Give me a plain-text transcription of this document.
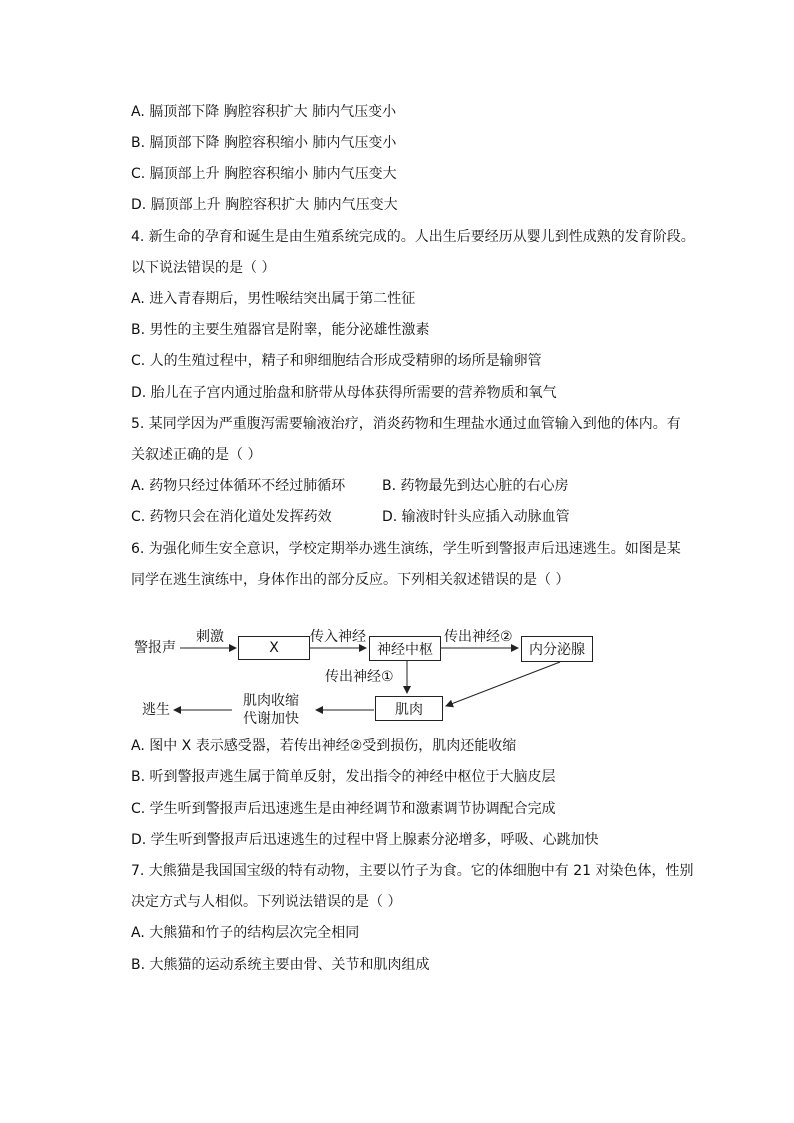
A. 膈顶部下降 胸腔容积扩大 肺内气压变小
B. 膈顶部下降 胸腔容积缩小 肺内气压变小
C. 膈顶部上升 胸腔容积缩小 肺内气压变大
D. 膈顶部上升 胸腔容积扩大 肺内气压变大
4. 新生命的孕育和诞生是由生殖系统完成的。人出生后要经历从婴儿到性成熟的发育阶段。
以下说法错误的是（ ）
A. 进入青春期后，男性喉结突出属于第二性征
B. 男性的主要生殖器官是附睾，能分泌雄性激素
C. 人的生殖过程中，精子和卵细胞结合形成受精卵的场所是输卵管
D. 胎儿在子宫内通过胎盘和脐带从母体获得所需要的营养物质和氧气
5. 某同学因为严重腹泻需要输液治疗，消炎药物和生理盐水通过血管输入到他的体内。有
关叙述正确的是（ ）
A. 药物只经过体循环不经过肺循环	B. 药物最先到达心脏的右心房
C. 药物只会在消化道处发挥药效	D. 输液时针头应插入动脉血管
6. 为强化师生安全意识，学校定期举办逃生演练，学生听到警报声后迅速逃生。如图是某
同学在逃生演练中，身体作出的部分反应。下列相关叙述错误的是（ ）
警报声
刺激
X
传入神经
神经中枢
传出神经②
内分泌腺
传出神经①
肌肉
肌肉收缩
代谢加快
逃生
A. 图中 X 表示感受器，若传出神经②受到损伤，肌肉还能收缩
B. 听到警报声逃生属于简单反射，发出指令的神经中枢位于大脑皮层
C. 学生听到警报声后迅速逃生是由神经调节和激素调节协调配合完成
D. 学生听到警报声后迅速逃生的过程中肾上腺素分泌增多，呼吸、心跳加快
7. 大熊猫是我国国宝级的特有动物，主要以竹子为食。它的体细胞中有 21 对染色体，性别
决定方式与人相似。下列说法错误的是（ ）
A. 大熊猫和竹子的结构层次完全相同
B. 大熊猫的运动系统主要由骨、关节和肌肉组成
